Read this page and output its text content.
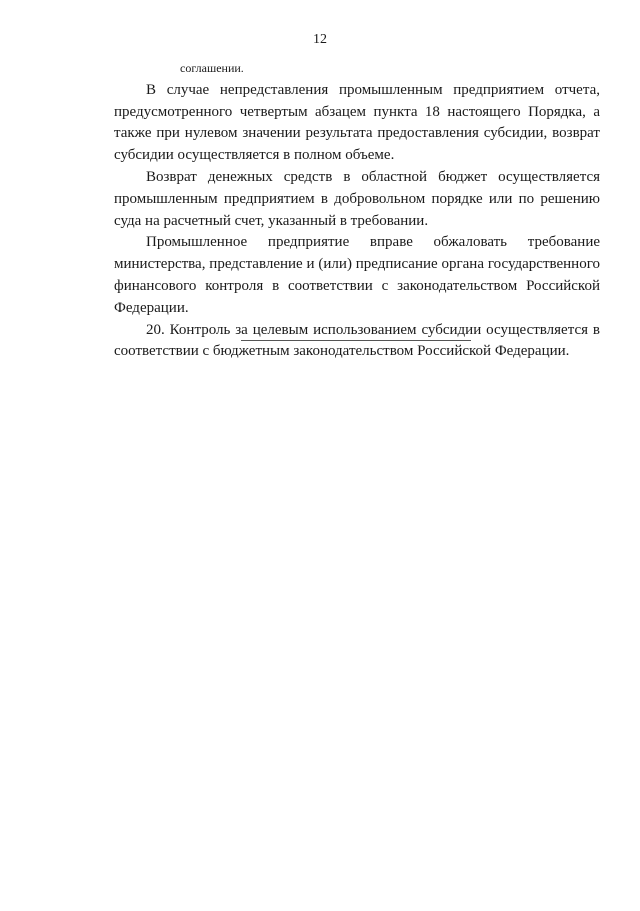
12

соглашении.

В случае непредставления промышленным предприятием отчета, предусмотренного четвертым абзацем пункта 18 настоящего Порядка, а также при нулевом значении результата предоставления субсидии, возврат субсидии осуществляется в полном объеме.

Возврат денежных средств в областной бюджет осуществляется промышленным предприятием в добровольном порядке или по решению суда на расчетный счет, указанный в требовании.

Промышленное предприятие вправе обжаловать требование министерства, представление и (или) предписание органа государственного финансового контроля в соответствии с законодательством Российской Федерации.

20. Контроль за целевым использованием субсидии осуществляется в соответствии с бюджетным законодательством Российской Федерации.
